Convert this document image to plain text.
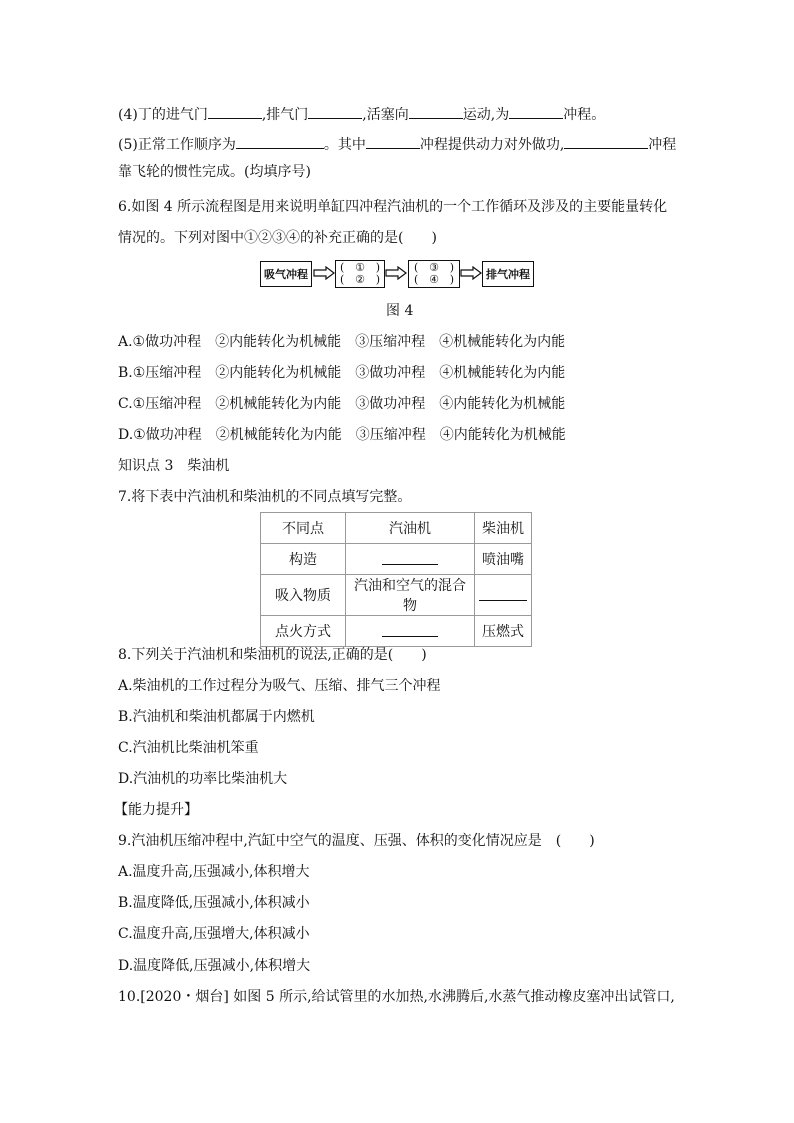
(4)丁的进气门	,排气门	,活塞向	运动,为	冲程。
(5)正常工作顺序为	。其中	冲程提供动力对外做功,	冲程
靠飞轮的惯性完成。(均填序号)
6.如图 4 所示流程图是用来说明单缸四冲程汽油机的一个工作循环及涉及的主要能量转化
情况的。下列对图中①②③④的补充正确的是(　　)
吸气冲程
( ① )
( ② )
( ③ )
( ④ )	排气冲程
图 4
A.①做功冲程　②内能转化为机械能　③压缩冲程　④机械能转化为内能
B.①压缩冲程　②内能转化为机械能　③做功冲程　④机械能转化为内能
C.①压缩冲程　②机械能转化为内能　③做功冲程　④内能转化为机械能
D.①做功冲程　②机械能转化为内能　③压缩冲程　④内能转化为机械能
知识点 3　柴油机
7.将下表中汽油机和柴油机的不同点填写完整。
不同点	汽油机	柴油机
构造		喷油嘴
吸入物质	汽油和空气的混合物	
点火方式		压燃式
8.下列关于汽油机和柴油机的说法,正确的是(　　)
A.柴油机的工作过程分为吸气、压缩、排气三个冲程
B.汽油机和柴油机都属于内燃机
C.汽油机比柴油机笨重
D.汽油机的功率比柴油机大
【能力提升】
9.汽油机压缩冲程中,汽缸中空气的温度、压强、体积的变化情况应是　(　　)
A.温度升高,压强减小,体积增大
B.温度降低,压强减小,体积减小
C.温度升高,压强增大,体积减小
D.温度降低,压强减小,体积增大
10.[2020・烟台] 如图 5 所示,给试管里的水加热,水沸腾后,水蒸气推动橡皮塞冲出试管口,
